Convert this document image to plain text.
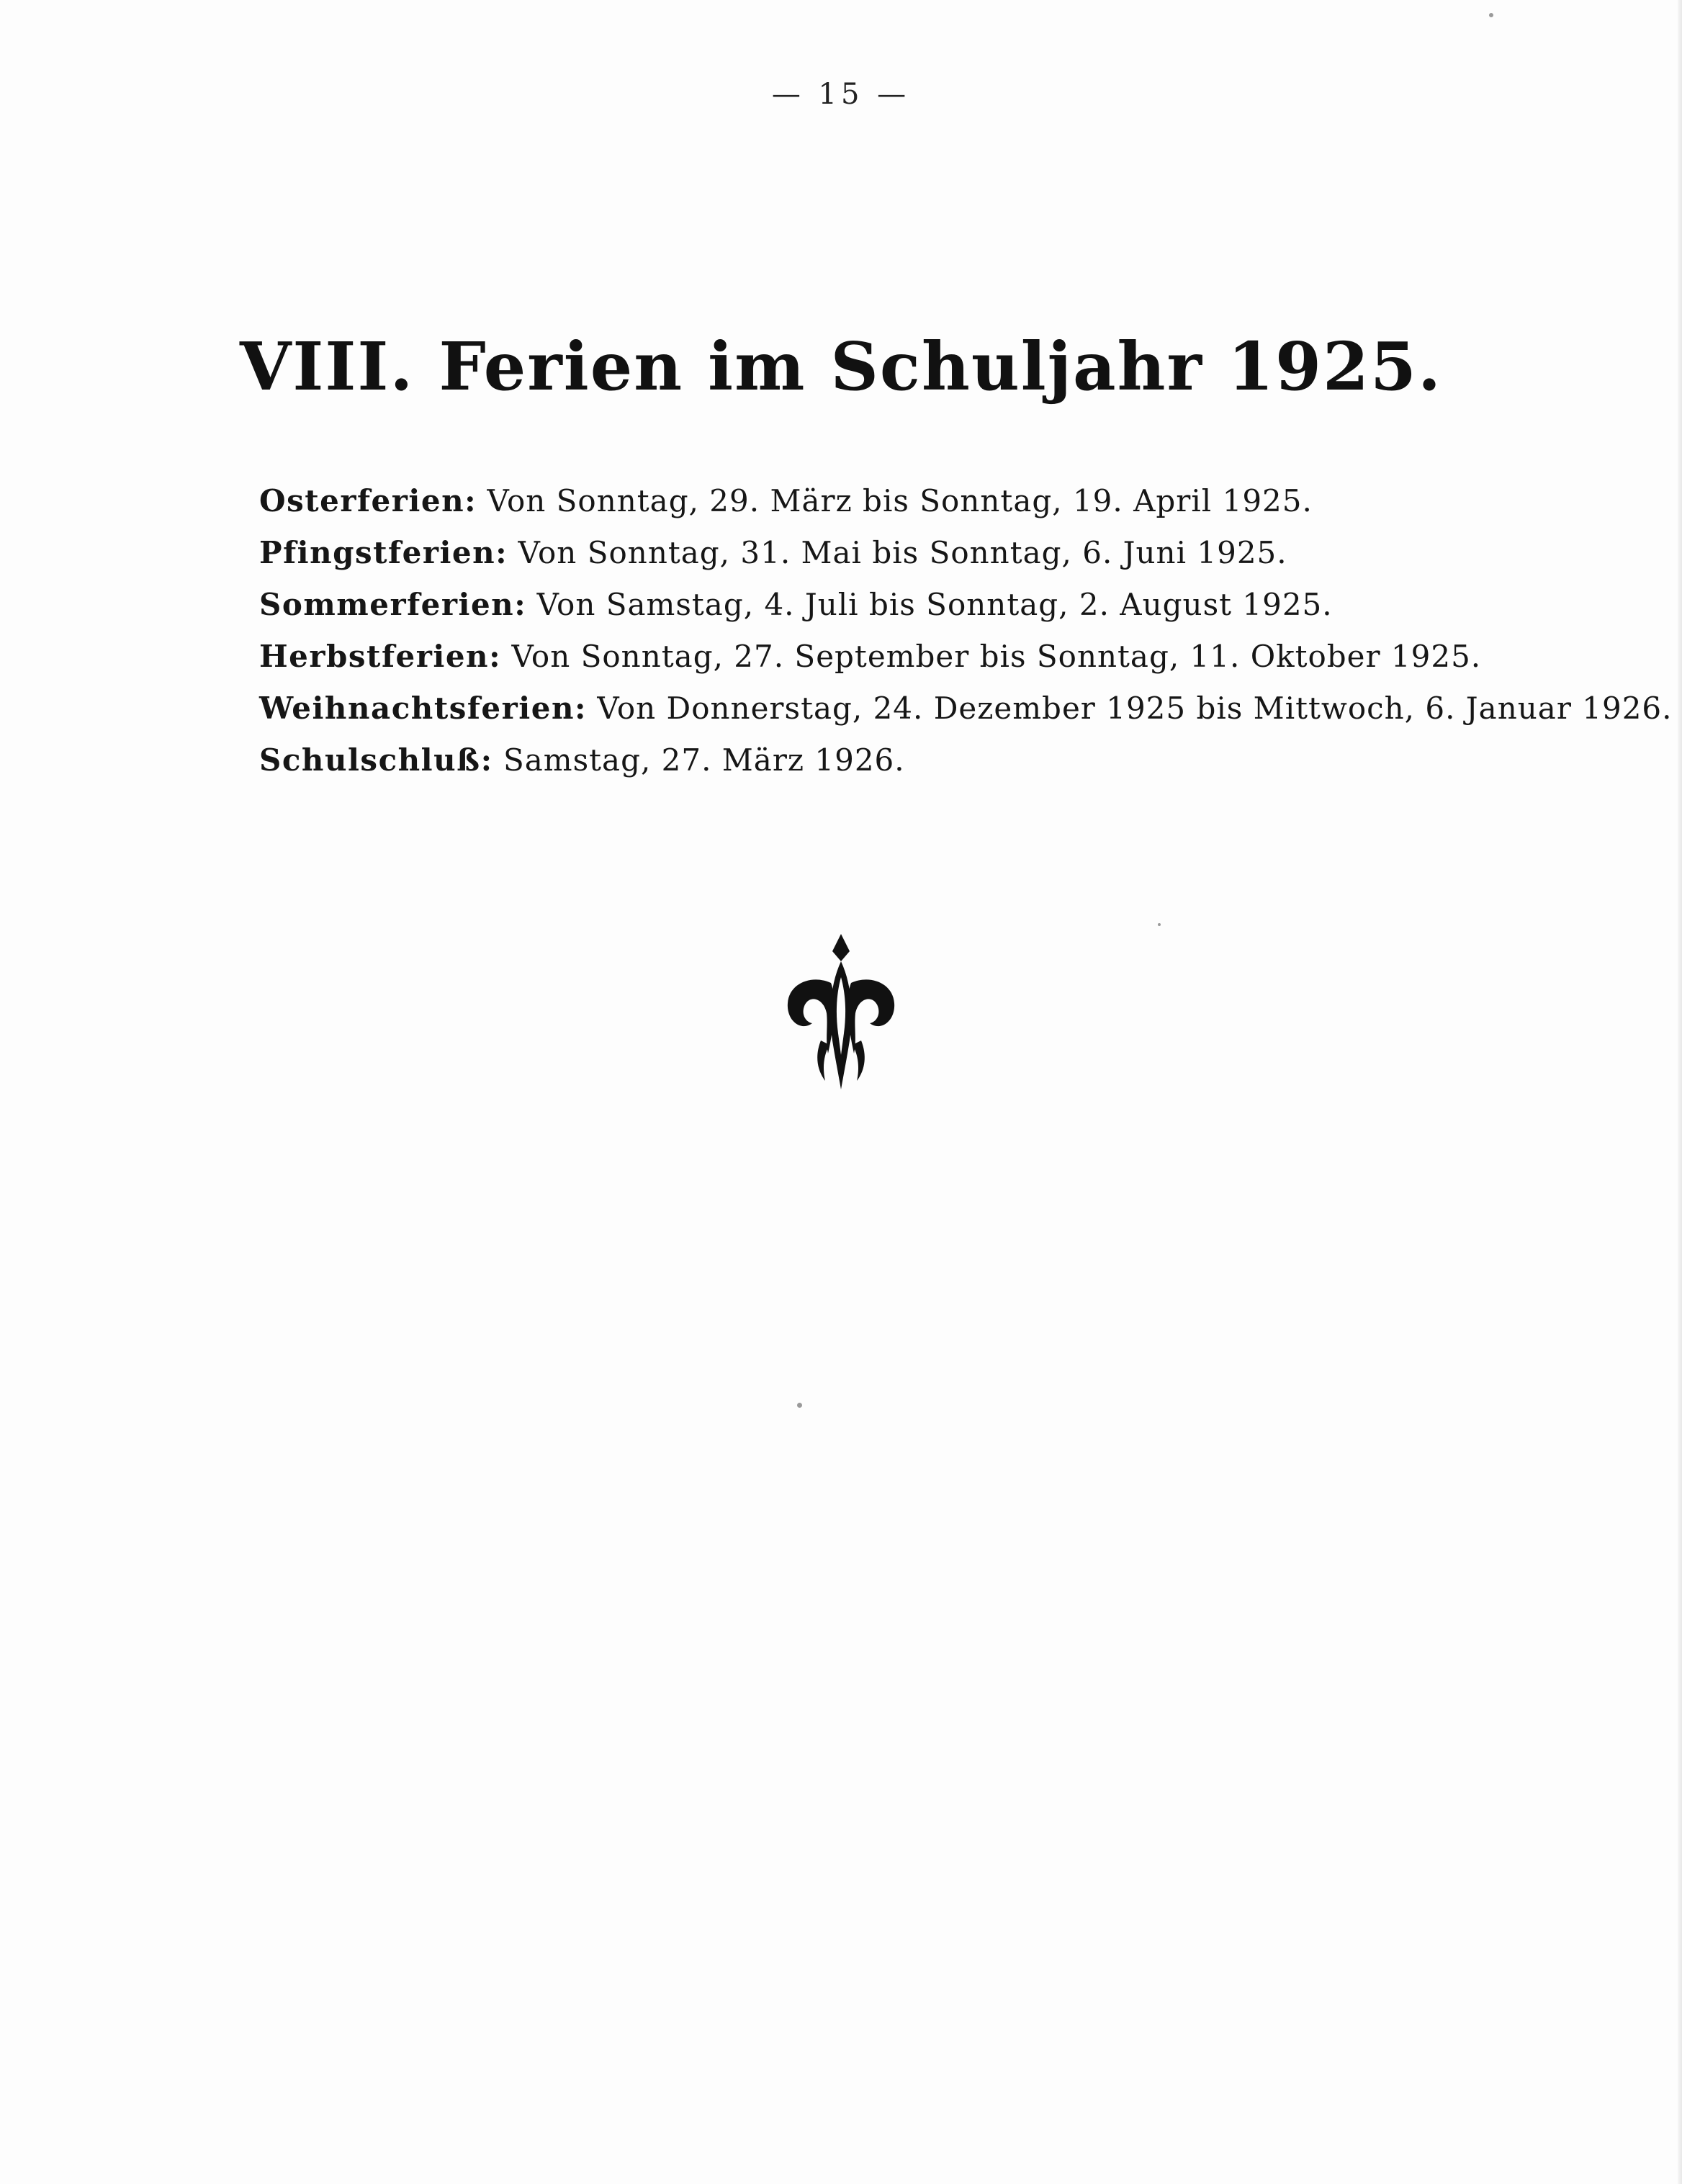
— 15 —
VIII. Ferien im Schuljahr 1925.
Osterferien: Von Sonntag, 29. März bis Sonntag, 19. April 1925.
Pfingstferien: Von Sonntag, 31. Mai bis Sonntag, 6. Juni 1925.
Sommerferien: Von Samstag, 4. Juli bis Sonntag, 2. August 1925.
Herbstferien: Von Sonntag, 27. September bis Sonntag, 11. Oktober 1925.
Weihnachtsferien: Von Donnerstag, 24. Dezember 1925 bis Mittwoch, 6. Januar 1926.
Schulschluß: Samstag, 27. März 1926.
